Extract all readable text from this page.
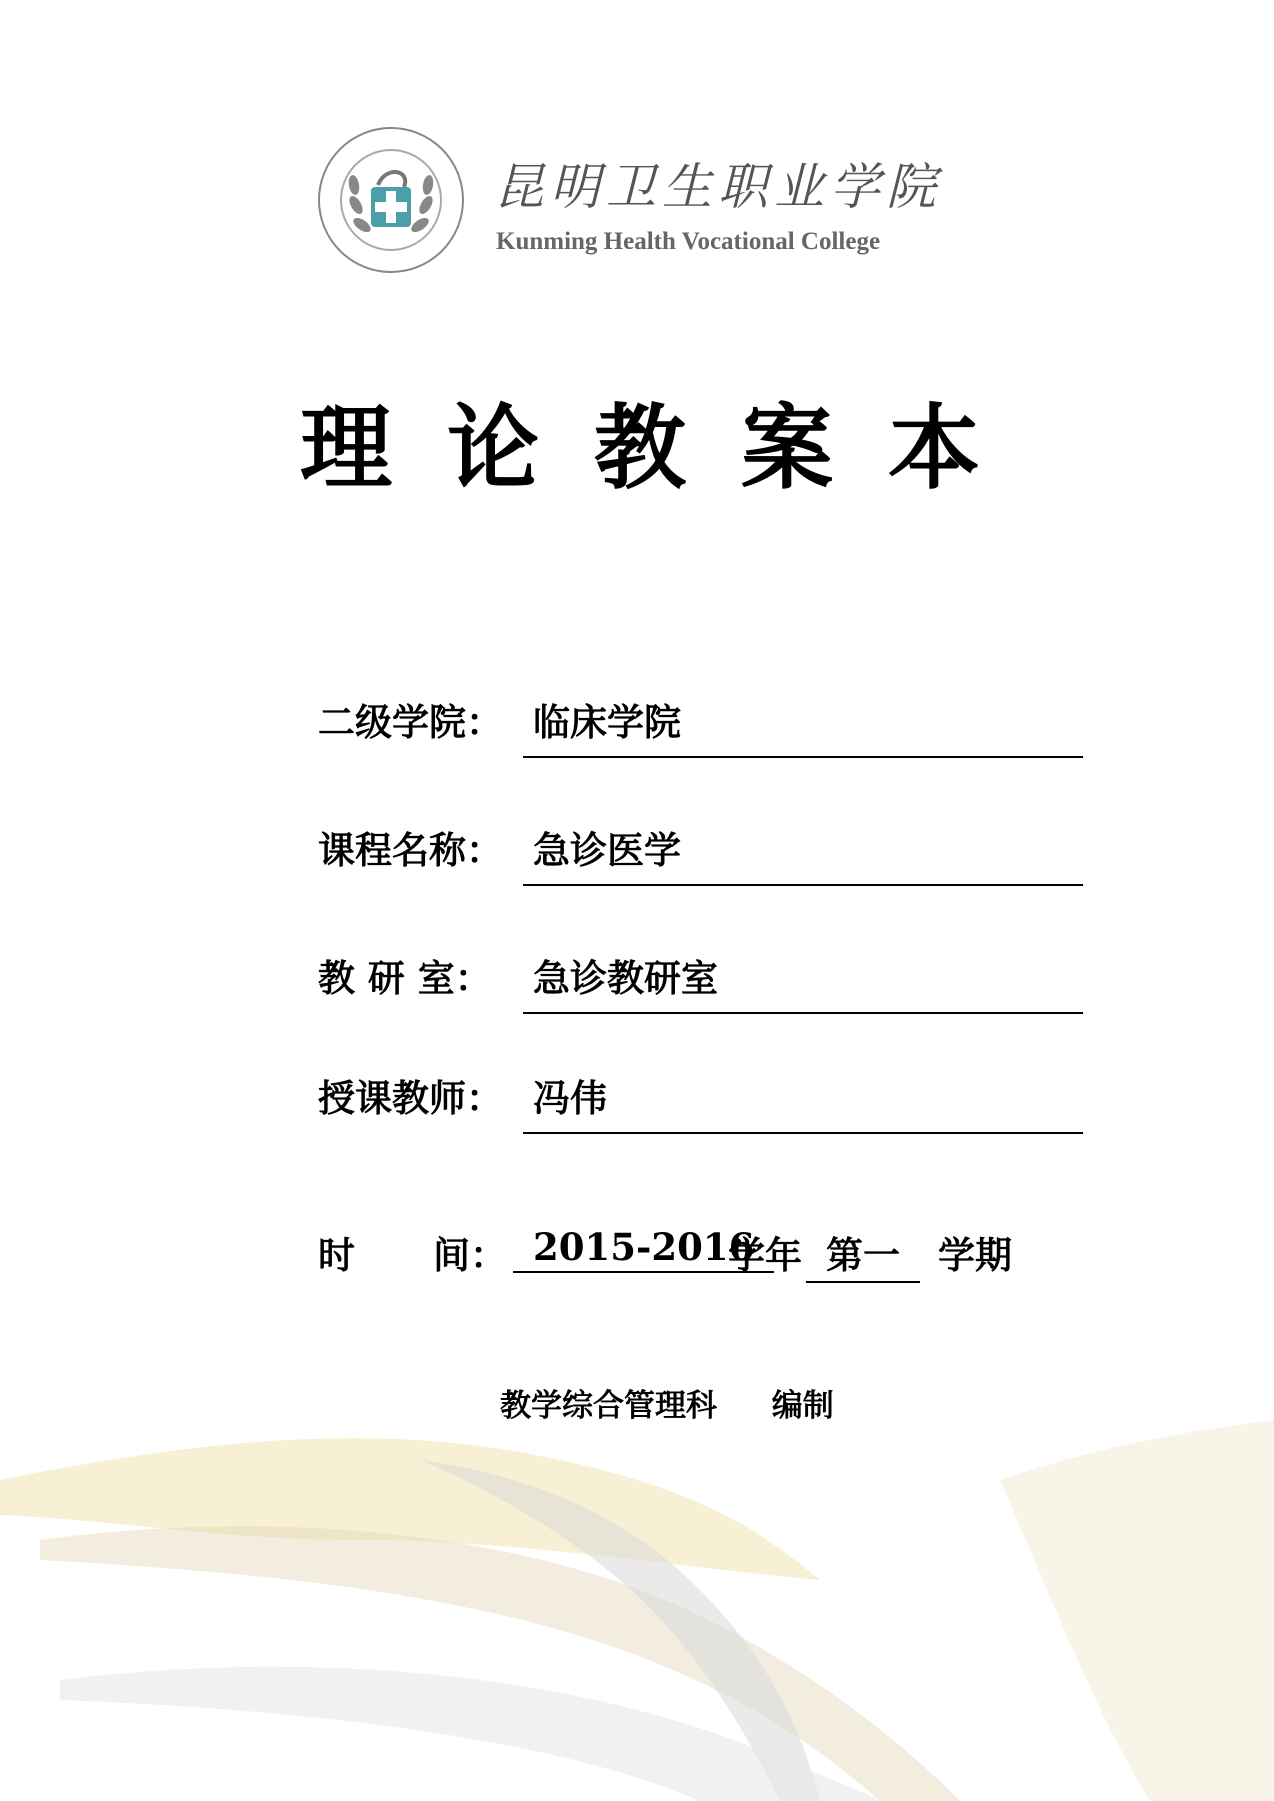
昆明卫生职业学院
Kunming Health Vocational College
理 论 教 案 本
二级学院： 临床学院
课程名称： 急诊医学
教 研 室： 急诊教研室
授课教师： 冯伟
时 间： 2015-2016
学年 第一	学期
教学综合管理科 编制
